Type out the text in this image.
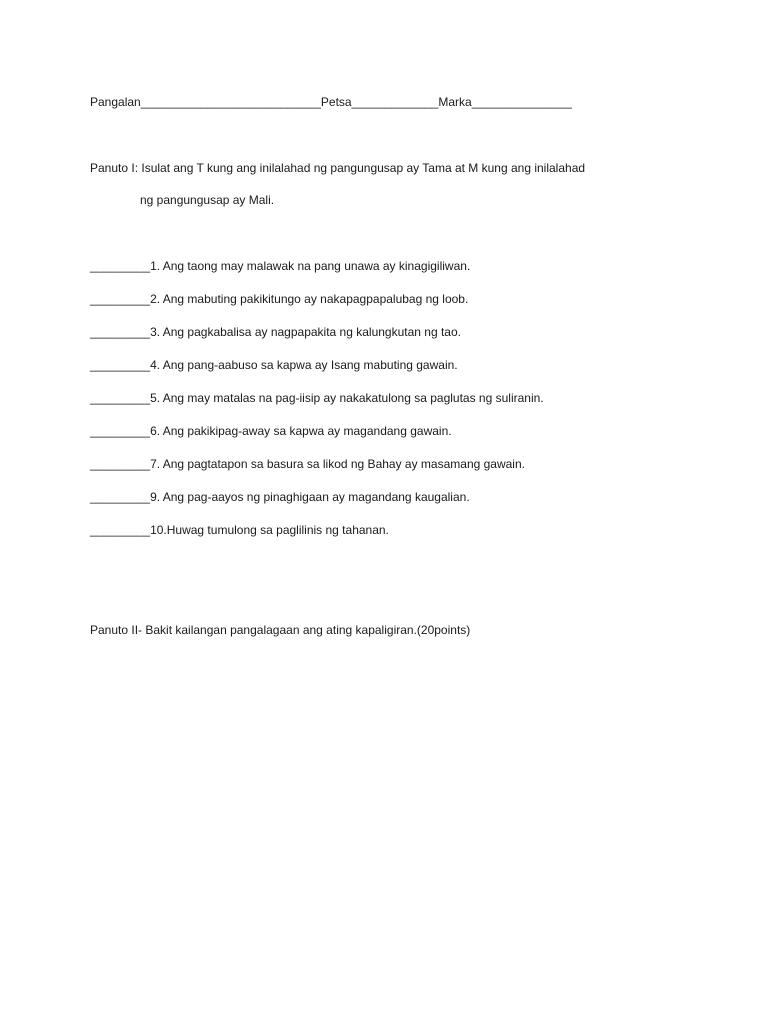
Pangalan___________________________Petsa_____________Marka_______________
Panuto I: Isulat ang T kung ang inilalahad ng pangungusap ay Tama at M kung ang inilalahad
ng pangungusap ay Mali.
_________1. Ang taong may malawak na pang unawa ay kinagigiliwan.
_________2. Ang mabuting pakikitungo ay nakapagpapalubag ng loob.
_________3. Ang pagkabalisa ay nagpapakita ng kalungkutan ng tao.
_________4. Ang pang-aabuso sa kapwa ay Isang mabuting gawain.
_________5. Ang may matalas na pag-iisip ay nakakatulong sa paglutas ng suliranin.
_________6. Ang pakikipag-away sa kapwa ay magandang gawain.
_________7. Ang pagtatapon sa basura sa likod ng Bahay ay masamang gawain.
_________9. Ang pag-aayos ng pinaghigaan ay magandang kaugalian.
_________10.Huwag tumulong sa paglilinis ng tahanan.
Panuto II- Bakit kailangan pangalagaan ang ating kapaligiran.(20points)
